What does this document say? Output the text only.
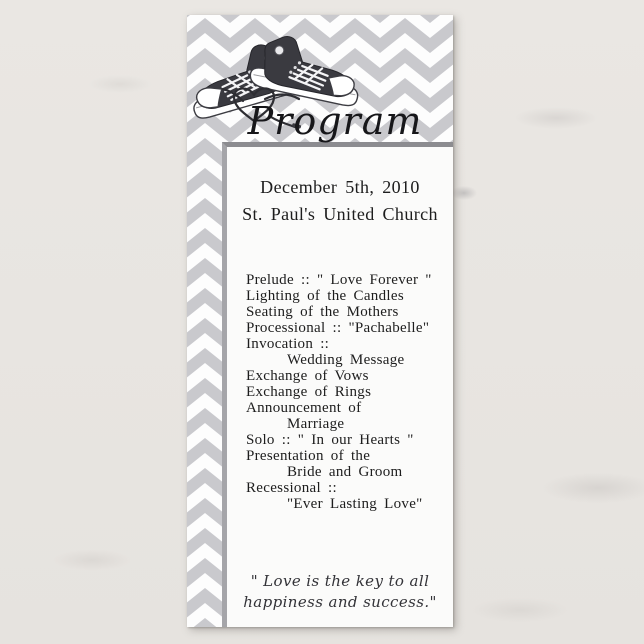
Program
December 5th, 2010
St. Paul's United Church
Prelude :: " Love Forever "
Lighting of the Candles
Seating of the Mothers
Processional :: "Pachabelle"
Invocation ::
Wedding Message
Exchange of Vows
Exchange of Rings
Announcement of
Marriage
Solo :: " In our Hearts "
Presentation of the
Bride and Groom
Recessional ::
"Ever Lasting Love"
" Love is the key to all
happiness and success."
